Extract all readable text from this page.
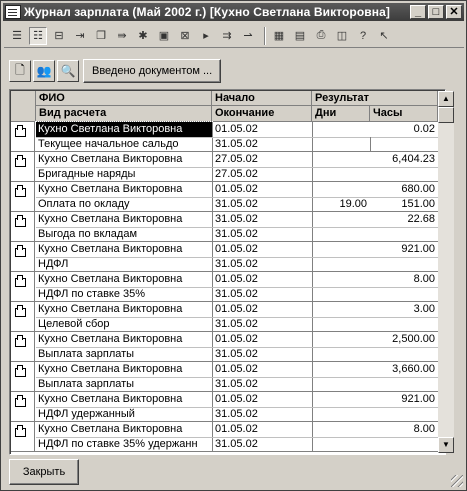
Журнал зарплата (Май 2002 г.) [Кухно Светлана Викторовна]	_	□ ✕
☰	☷	⊟	⇥	❐	⇛	✱	▣	⊠	▸	⇉	⇀	▦ ▤	⎙	◫	?	↖
🗋 👥 🔍	Введено документом ...
ФИО
Вид расчета
Начало
Окончание
Результат
Дни	Часы
Кухно Светлана Викторовна
Текущее начальное сальдо
01.05.02
31.05.02
0.02
Кухно Светлана Викторовна
Бригадные наряды
27.05.02
27.05.02
6,404.23
Кухно Светлана Викторовна
Оплата по окладу
01.05.02
31.05.02
680.00
19.00	151.00
Кухно Светлана Викторовна
Выгода по вкладам
31.05.02
31.05.02
22.68
Кухно Светлана Викторовна
НДФЛ
01.05.02
31.05.02
921.00
Кухно Светлана Викторовна
НДФЛ по ставке 35%
01.05.02
31.05.02
8.00
Кухно Светлана Викторовна
Целевой сбор
01.05.02
31.05.02
3.00
Кухно Светлана Викторовна
Выплата зарплаты
01.05.02
31.05.02
2,500.00
Кухно Светлана Викторовна
Выплата зарплаты
01.05.02
31.05.02
3,660.00
Кухно Светлана Викторовна
НДФЛ удержанный
01.05.02
31.05.02
921.00
Кухно Светлана Викторовна
НДФЛ по ставке 35% удержанн
01.05.02
31.05.02
8.00
▲
▼
Закрыть
